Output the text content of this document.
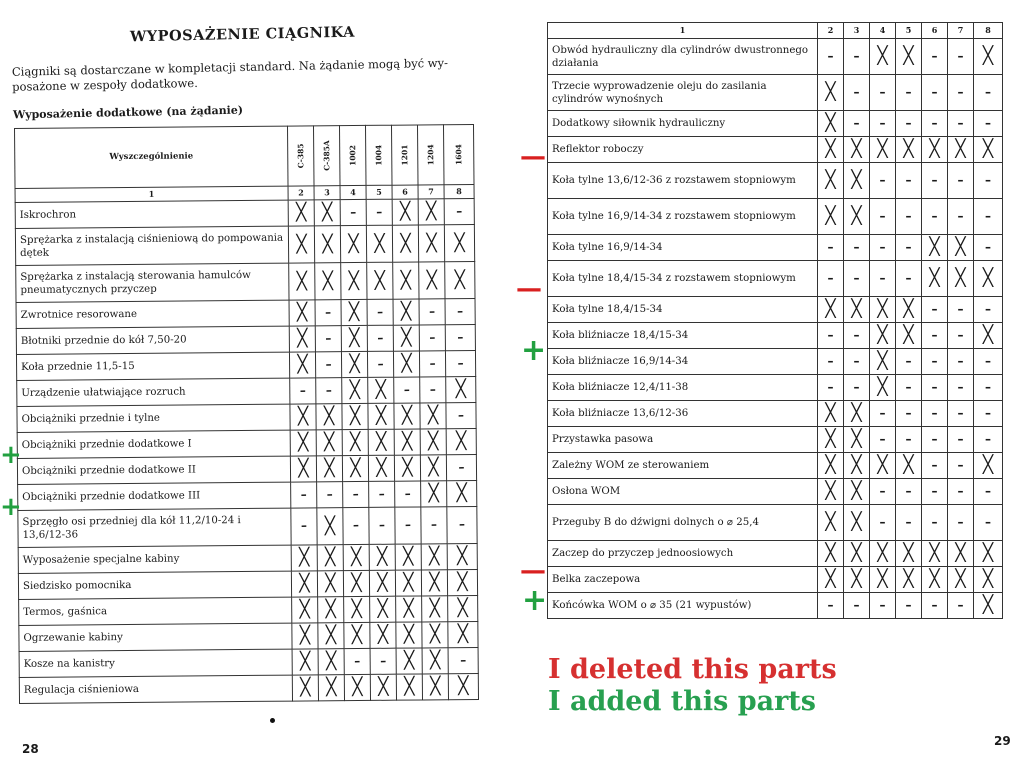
WYPOSAŻENIE CIĄGNIKA
Ciągniki są dostarczane w kompletacji standard. Na żądanie mogą być wy-posażone w zespoły dodatkowe.
Wyposażenie dodatkowe (na żądanie)
Wyszczególnienie	C-385	C-385A	1002	1004	1201	1204	1604

1	2	3	4	5	6	7	8
Iskrochron	╳	╳	–	–	╳	╳	–
Sprężarka z instalacją ciśnieniową do pompowania dętek	╳	╳	╳	╳	╳	╳	╳
Sprężarka z instalacją sterowania hamulców pneumatycznych przyczep	╳	╳	╳	╳	╳	╳	╳
Zwrotnice resorowane	╳	–	╳	–	╳	–	–
Błotniki przednie do kół 7,50-20	╳	–	╳	–	╳	–	–
Koła przednie 11,5-15	╳	–	╳	–	╳	–	–
Urządzenie ułatwiające rozruch	–	–	╳	╳	–	–	╳
Obciążniki przednie i tylne	╳	╳	╳	╳	╳	╳	–
Obciążniki przednie dodatkowe I	╳	╳	╳	╳	╳	╳	╳
Obciążniki przednie dodatkowe II	╳	╳	╳	╳	╳	╳	–
Obciążniki przednie dodatkowe III	–	–	–	–	–	╳	╳
Sprzęgło osi przedniej dla kół 11,2/10-24 i 13,6/12-36	–	╳	–	–	–	–	–
Wyposażenie specjalne kabiny	╳	╳	╳	╳	╳	╳	╳
Siedzisko pomocnika	╳	╳	╳	╳	╳	╳	╳
Termos, gaśnica	╳	╳	╳	╳	╳	╳	╳
Ogrzewanie kabiny	╳	╳	╳	╳	╳	╳	╳
Kosze na kanistry	╳	╳	–	–	╳	╳	–
Regulacja ciśnieniowa	╳	╳	╳	╳	╳	╳	╳
28
29
1	2	3	4	5	6	7	8
Obwód hydrauliczny dla cylindrów dwustronnego działania	–	–	╳	╳	–	–	╳
Trzecie wyprowadzenie oleju do zasilania cylindrów wynośnych	╳	–	–	–	–	–	–
Dodatkowy siłownik hydrauliczny	╳	–	–	–	–	–	–
Reflektor roboczy	╳	╳	╳	╳	╳	╳	╳
Koła tylne 13,6/12-36 z rozstawem stopniowym	╳	╳	–	–	–	–	–
Koła tylne 16,9/14-34 z rozstawem stopniowym	╳	╳	–	–	–	–	–
Koła tylne 16,9/14-34	–	–	–	–	╳	╳	–
Koła tylne 18,4/15-34 z rozstawem stopniowym	–	–	–	–	╳	╳	╳
Koła tylne 18,4/15-34	╳	╳	╳	╳	–	–	–
Koła bliźniacze 18,4/15-34	–	–	╳	╳	–	–	╳
Koła bliźniacze 16,9/14-34	–	–	╳	–	–	–	–
Koła bliźniacze 12,4/11-38	–	–	╳	–	–	–	–
Koła bliźniacze 13,6/12-36	╳	╳	–	–	–	–	–
Przystawka pasowa	╳	╳	–	–	–	–	–
Zależny WOM ze sterowaniem	╳	╳	╳	╳	–	–	╳
Osłona WOM	╳	╳	–	–	–	–	–
Przeguby B do dźwigni dolnych o ⌀ 25,4	╳	╳	–	–	–	–	–
Zaczep do przyczep jednoosiowych	╳	╳	╳	╳	╳	╳	╳
Belka zaczepowa	╳	╳	╳	╳	╳	╳	╳
Końcówka WOM o ⌀ 35 (21 wypustów)	–	–	–	–	–	–	╳
+
+
—
—
+
—
+
I deleted this parts
I added this parts
